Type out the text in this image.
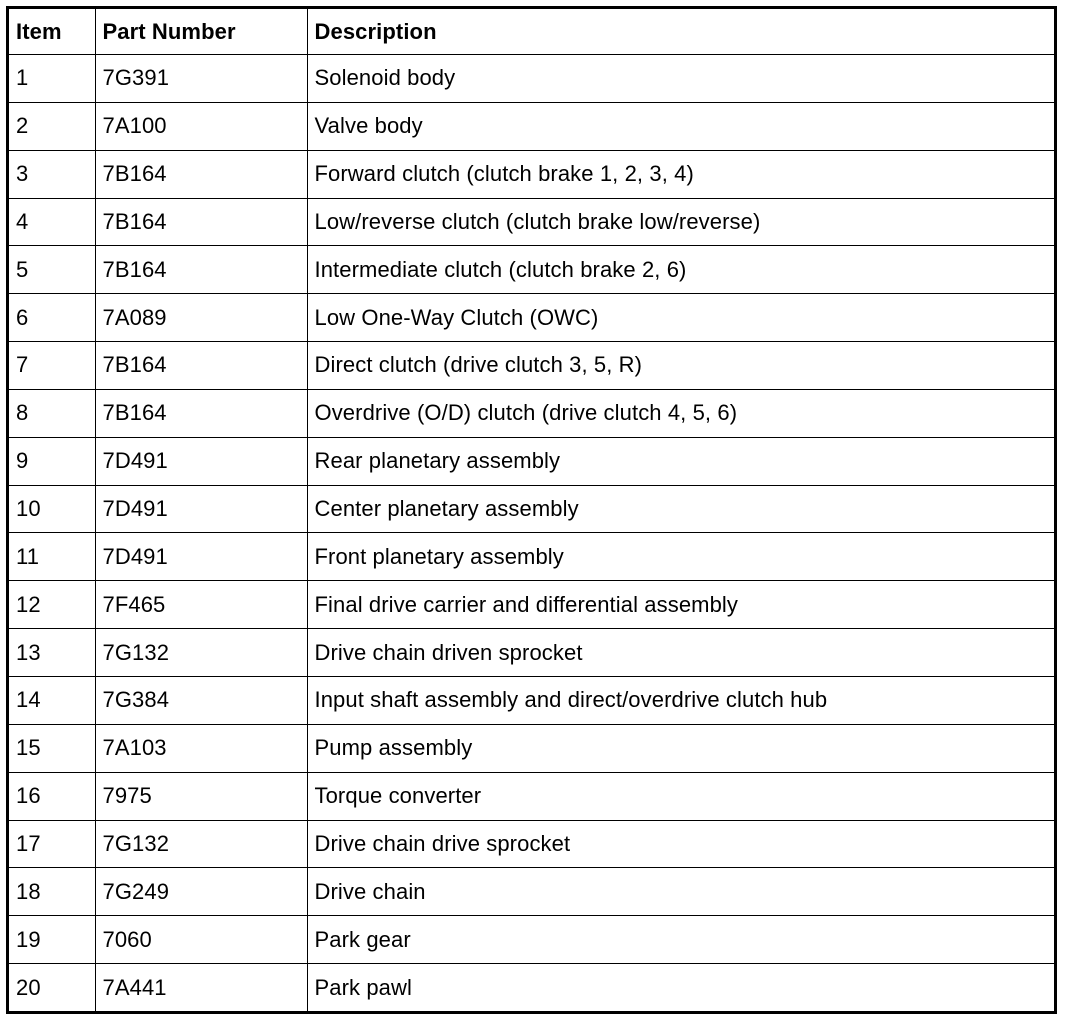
Item	Part Number	Description
1	7G391	Solenoid body
2	7A100	Valve body
3	7B164	Forward clutch (clutch brake 1, 2, 3, 4)
4	7B164	Low/reverse clutch (clutch brake low/reverse)
5	7B164	Intermediate clutch (clutch brake 2, 6)
6	7A089	Low One-Way Clutch (OWC)
7	7B164	Direct clutch (drive clutch 3, 5, R)
8	7B164	Overdrive (O/D) clutch (drive clutch 4, 5, 6)
9	7D491	Rear planetary assembly
10	7D491	Center planetary assembly
11	7D491	Front planetary assembly
12	7F465	Final drive carrier and differential assembly
13	7G132	Drive chain driven sprocket
14	7G384	Input shaft assembly and direct/overdrive clutch hub
15	7A103	Pump assembly
16	7975	Torque converter
17	7G132	Drive chain drive sprocket
18	7G249	Drive chain
19	7060	Park gear
20	7A441	Park pawl
